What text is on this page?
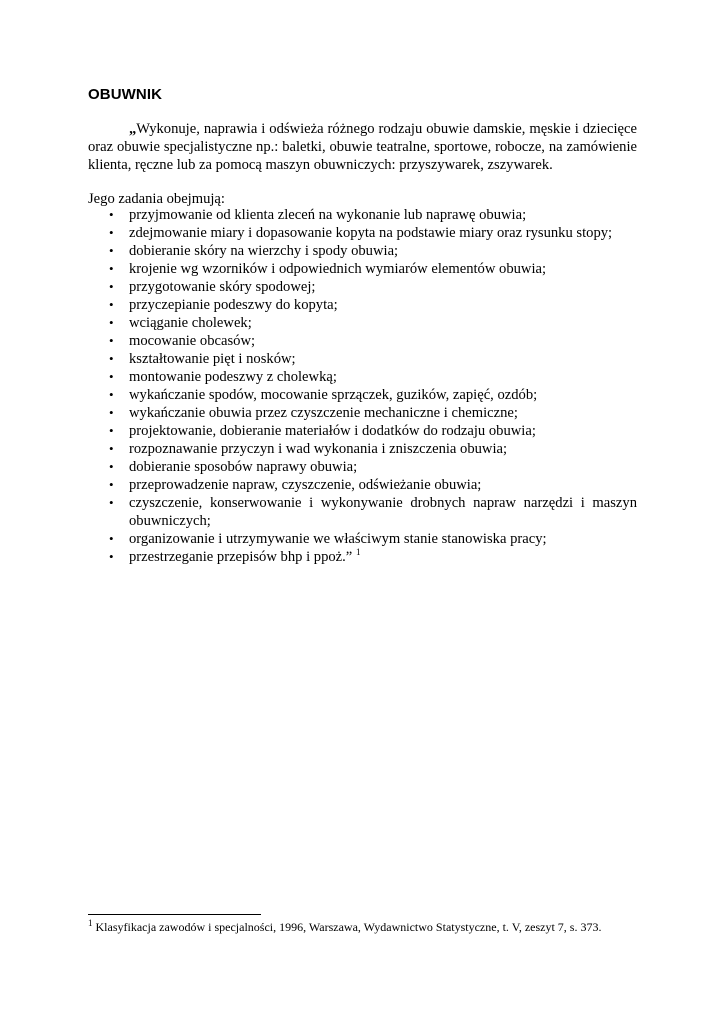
OBUWNIK

„Wykonuje, naprawia i odświeża różnego rodzaju obuwie damskie, męskie i dziecięce oraz obuwie specjalistyczne np.: baletki, obuwie teatralne, sportowe, robocze, na zamówienie klienta, ręczne lub za pomocą maszyn obuwniczych: przyszywarek, zszywarek.

Jego zadania obejmują:
• przyjmowanie od klienta zleceń na wykonanie lub naprawę obuwia;
• zdejmowanie miary i dopasowanie kopyta na podstawie miary oraz rysunku stopy;
• dobieranie skóry na wierzchy i spody obuwia;
• krojenie wg wzorników i odpowiednich wymiarów elementów obuwia;
• przygotowanie skóry spodowej;
• przyczepianie podeszwy do kopyta;
• wciąganie cholewek;
• mocowanie obcasów;
• kształtowanie pięt i nosków;
• montowanie podeszwy z cholewką;
• wykańczanie spodów, mocowanie sprzączek, guzików, zapięć, ozdób;
• wykańczanie obuwia przez czyszczenie mechaniczne i chemiczne;
• projektowanie, dobieranie materiałów i dodatków do rodzaju obuwia;
• rozpoznawanie przyczyn i wad wykonania i zniszczenia obuwia;
• dobieranie sposobów naprawy obuwia;
• przeprowadzenie napraw, czyszczenie, odświeżanie obuwia;
• czyszczenie, konserwowanie i wykonywanie drobnych napraw narzędzi i maszyn obuwniczych;
• organizowanie i utrzymywanie we właściwym stanie stanowiska pracy;
• przestrzeganie przepisów bhp i ppoż.” $^1$
$^1$ Klasyfikacja zawodów i specjalności, 1996, Warszawa, Wydawnictwo Statystyczne, t. V, zeszyt 7, s. 373.
